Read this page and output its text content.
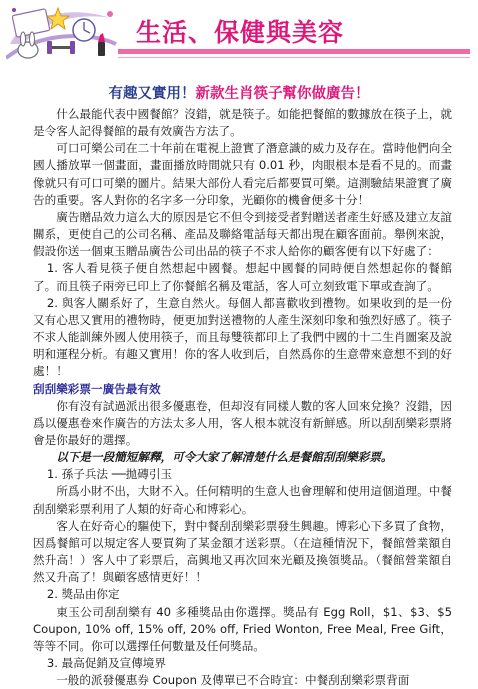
生活、保健與美容
有趣又實用！新款生肖筷子幫你做廣告！

什么最能代表中國餐館？沒錯，就是筷子。如能把餐館的數據放在筷子上，就是令客人記得餐館的最有效廣告方法了。

可口可樂公司在二十年前在電視上證實了潛意識的威力及存在。當時他們向全國人播放單一個畫面，畫面播放時間就只有 0.01 秒，肉眼根本是看不見的。而畫像就只有可口可樂的圖片。結果大部份人看完后都要買可樂。這測驗結果證實了廣告的重要。客人對你的名字多一分印象，光顧你的機會便多十分！

廣告贈品效力這么大的原因是它不但令到接受者對贈送者產生好感及建立友誼關系，更使自己的公司名稱、產品及聯絡電話每天都出現在顧客面前。舉例來說，假設你送一個東玉贈品廣告公司出品的筷子不求人給你的顧客便有以下好處了：

1. 客人看見筷子便自然想起中國餐。想起中國餐的同時便自然想起你的餐館了。而且筷子兩旁已印上了你餐館名稱及電話，客人可立刻致電下單或查詢了。

2. 與客人關系好了，生意自然火。每個人都喜歡收到禮物。如果收到的是一份又有心思又實用的禮物時，便更加對送禮物的人產生深刻印象和強烈好感了。筷子不求人能訓練外國人使用筷子，而且每雙筷都印上了我們中國的十二生肖圖案及說明和運程分析。有趣又實用！你的客人收到后，自然爲你的生意帶來意想不到的好處！！

刮刮樂彩票一廣告最有效

你有沒有試過派出很多優惠卷，但却沒有同樣人數的客人回來兌換？沒錯，因爲以優惠卷來作廣告的方法太多人用，客人根本就沒有新鮮感。所以刮刮樂彩票將會是你最好的選擇。

以下是一段簡短解釋，可令大家了解清楚什么是餐館刮刮樂彩票。

1. 孫子兵法 ──拋磚引玉

所爲小財不出，大財不入。任何精明的生意人也會理解和使用這個道理。中餐刮刮樂彩票利用了人類的好奇心和博彩心。

客人在好奇心的驅使下，對中餐刮刮樂彩票發生興趣。博彩心下多買了食物，因爲餐館可以規定客人要買夠了某金額才送彩票。（在這種情況下，餐館營業額自然升高！）客人中了彩票后，高興地又再次回來光顧及換領獎品。（餐館營業額自然又升高了！與顧客感情更好！！

2. 獎品由你定

東玉公司刮刮樂有 40 多種獎品由你選擇。獎品有 Egg Roll，$1、$3、$5 Coupon, 10% off, 15% off, 20% off, Fried Wonton, Free Meal, Free Gift，等等不同。你可以選擇任何數量及任何獎品。

3. 最高促銷及宣傳境界

一般的派發優惠券 Coupon 及傳單已不合時宜：中餐刮刮樂彩票背面
